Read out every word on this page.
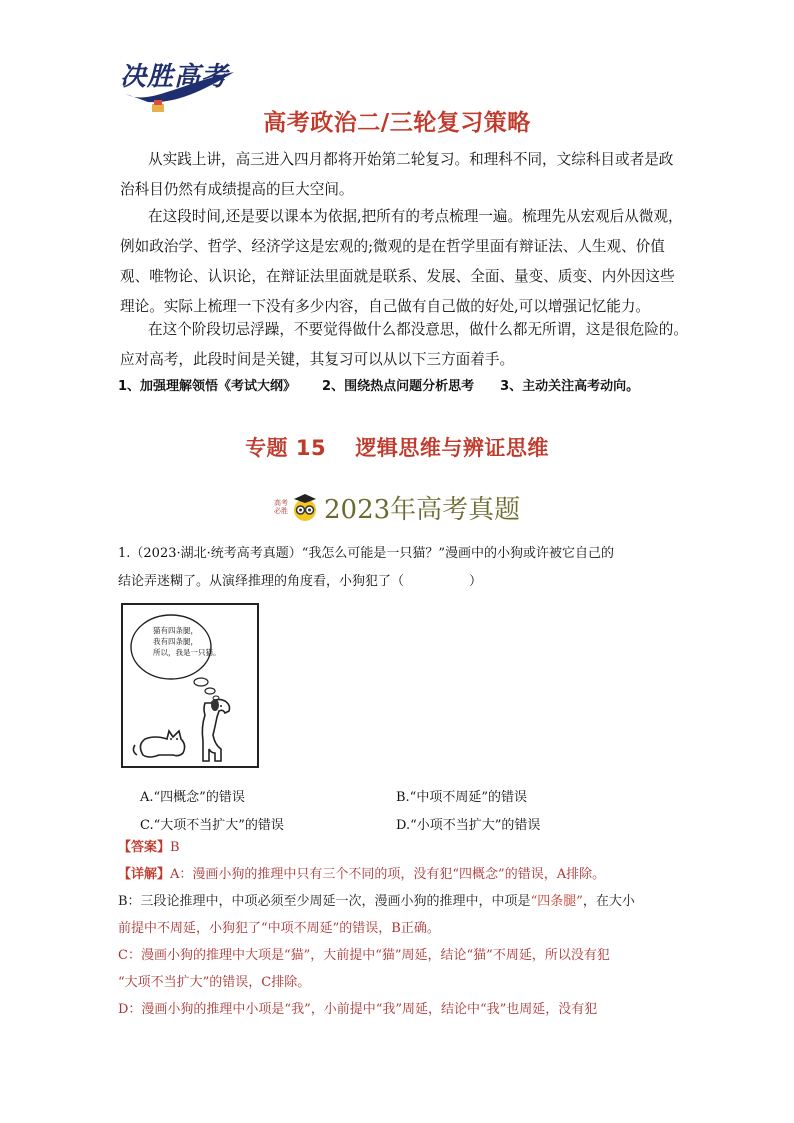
决胜高考
高考政治二/三轮复习策略
从实践上讲，高三进入四月都将开始第二轮复习。和理科不同，文综科目或者是政
治科目仍然有成绩提高的巨大空间。
在这段时间,还是要以课本为依据,把所有的考点梳理一遍。梳理先从宏观后从微观，
例如政治学、哲学、经济学这是宏观的;微观的是在哲学里面有辩证法、人生观、价值
观、唯物论、认识论，在辩证法里面就是联系、发展、全面、量变、质变、内外因这些
理论。实际上梳理一下没有多少内容，自己做有自己做的好处,可以增强记忆能力。
在这个阶段切忌浮躁，不要觉得做什么都没意思，做什么都无所谓，这是很危险的。
应对高考，此段时间是关键，其复习可以从以下三方面着手。
1、加强理解领悟《考试大纲》 2、围绕热点问题分析思考 3、主动关注高考动向。
专题 15　 逻辑思维与辨证思维
高考必胜 2023年高考真题
1.（2023·湖北·统考高考真题）“我怎么可能是一只猫？”漫画中的小狗或许被它自己的
结论弄迷糊了。从演绎推理的角度看，小狗犯了（　　　　　）
猫有四条腿，
我有四条腿，
所以，我是一只猫。
A.“四概念”的错误	B.“中项不周延”的错误
C.“大项不当扩大”的错误	D.“小项不当扩大”的错误
【答案】B
【详解】A：漫画小狗的推理中只有三个不同的项，没有犯“四概念”的错误，A排除。
B：三段论推理中，中项必须至少周延一次，漫画小狗的推理中，中项是“四条腿”，在大小
前提中不周延，小狗犯了“中项不周延”的错误，B正确。
C：漫画小狗的推理中大项是“猫”，大前提中“猫”周延，结论“猫”不周延，所以没有犯
“大项不当扩大”的错误，C排除。
D：漫画小狗的推理中小项是“我”，小前提中“我”周延，结论中“我”也周延，没有犯
